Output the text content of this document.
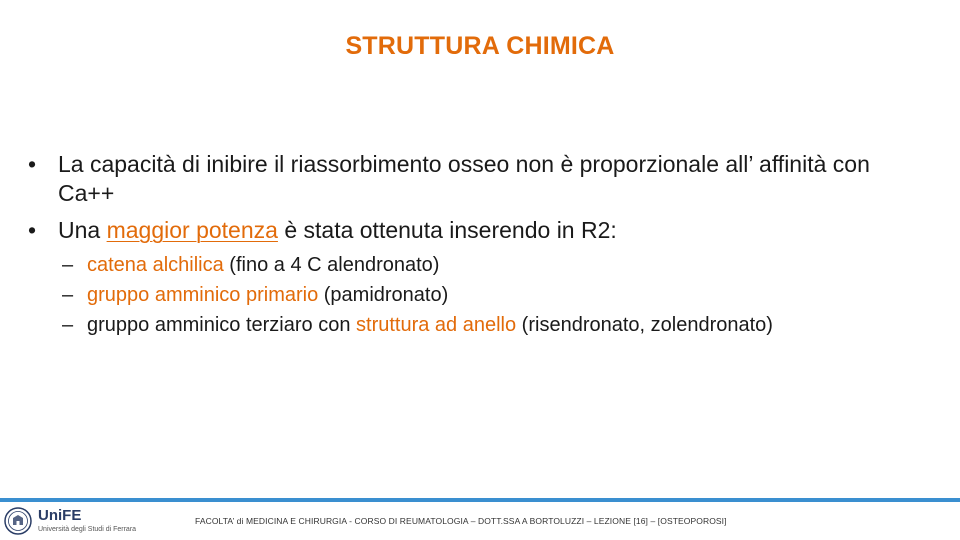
STRUTTURA CHIMICA
• La capacità di inibire il riassorbimento osseo non è proporzionale all’ affinità con Ca++
• Una maggior potenza è stata ottenuta inserendo in R2:
– catena alchilica (fino a 4 C alendronato)
– gruppo amminico primario (pamidronato)
– gruppo amminico terziaro con struttura ad anello (risendronato, zolendronato)
UniFE
Università degli Studi di Ferrara
FACOLTA’ di MEDICINA E CHIRURGIA - CORSO DI REUMATOLOGIA – DOTT.SSA A BORTOLUZZI – LEZIONE [16] – [OSTEOPOROSI]
